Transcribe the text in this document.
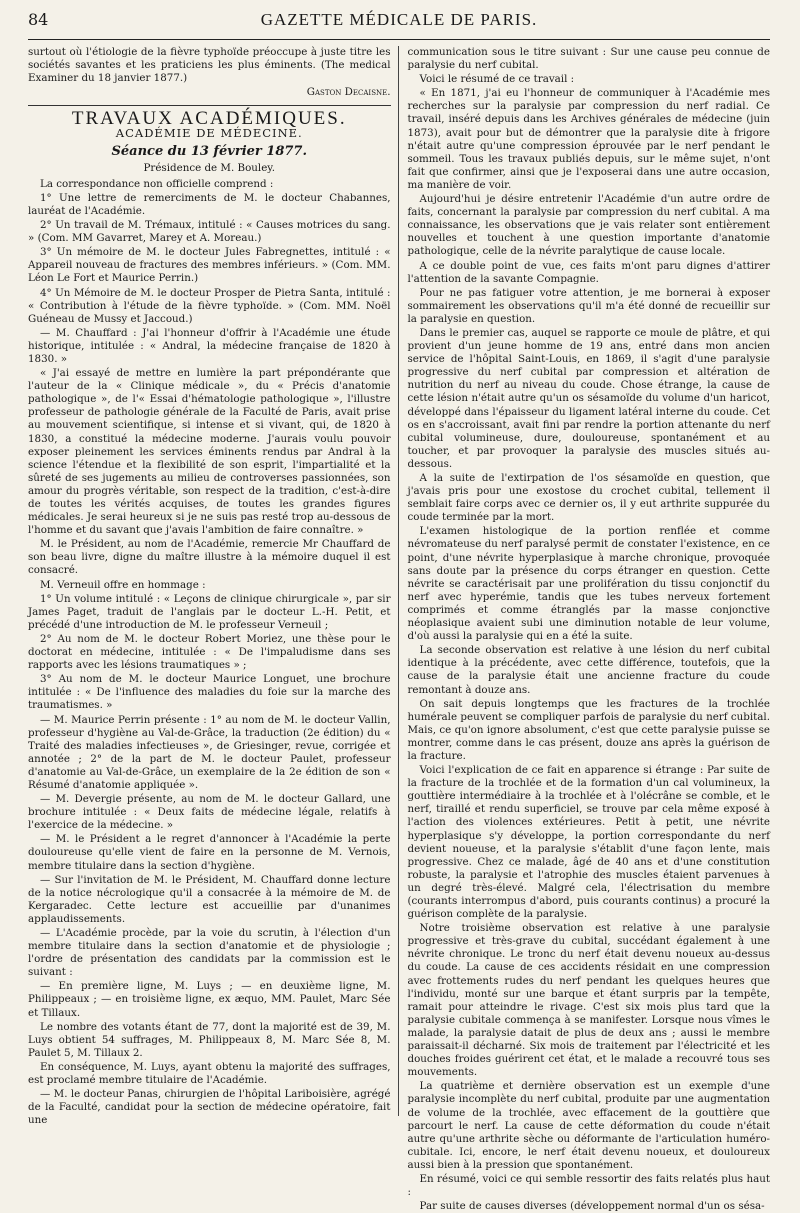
84	GAZETTE MÉDICALE DE PARIS.

surtout où l'étiologie de la fièvre typhoïde préoccupe à juste titre les sociétés savantes et les praticiens les plus éminents. (The medical Examiner du 18 janvier 1877.)

Gaston Decaisne.
TRAVAUX ACADÉMIQUES.
ACADÉMIE DE MÉDECINE.
Séance du 13 février 1877.
Présidence de M. Bouley.

La correspondance non officielle comprend :

1° Une lettre de remerciments de M. le docteur Chabannes, lauréat de l'Académie.

2° Un travail de M. Trémaux, intitulé : « Causes motrices du sang. » (Com. MM Gavarret, Marey et A. Moreau.)

3° Un mémoire de M. le docteur Jules Fabregnettes, intitulé : « Appareil nouveau de fractures des membres inférieurs. » (Com. MM. Léon Le Fort et Maurice Perrin.)

4° Un Mémoire de M. le docteur Prosper de Pietra Santa, intitulé : « Contribution à l'étude de la fièvre typhoïde. » (Com. MM. Noël Guéneau de Mussy et Jaccoud.)

— M. Chauffard : J'ai l'honneur d'offrir à l'Académie une étude historique, intitulée : « Andral, la médecine française de 1820 à 1830. »

« J'ai essayé de mettre en lumière la part prépondérante que l'auteur de la « Clinique médicale », du « Précis d'anatomie pathologique », de l'« Essai d'hématologie pathologique », l'illustre professeur de pathologie générale de la Faculté de Paris, avait prise au mouvement scientifique, si intense et si vivant, qui, de 1820 à 1830, a constitué la médecine moderne. J'aurais voulu pouvoir exposer pleinement les services éminents rendus par Andral à la science l'étendue et la flexibilité de son esprit, l'impartialité et la sûreté de ses jugements au milieu de controverses passionnées, son amour du progrès véritable, son respect de la tradition, c'est-à-dire de toutes les vérités acquises, de toutes les grandes figures médicales. Je serai heureux si je ne suis pas resté trop au-dessous de l'homme et du savant que j'avais l'ambition de faire connaître. »

M. le Président, au nom de l'Académie, remercie Mr Chauffard de son beau livre, digne du maître illustre à la mémoire duquel il est consacré.

M. Verneuil offre en hommage :

1° Un volume intitulé : « Leçons de clinique chirurgicale », par sir James Paget, traduit de l'anglais par le docteur L.-H. Petit, et précédé d'une introduction de M. le professeur Verneuil ;

2° Au nom de M. le docteur Robert Moriez, une thèse pour le doctorat en médecine, intitulée : « De l'impaludisme dans ses rapports avec les lésions traumatiques » ;

3° Au nom de M. le docteur Maurice Longuet, une brochure intitulée : « De l'influence des maladies du foie sur la marche des traumatismes. »

— M. Maurice Perrin présente : 1° au nom de M. le docteur Vallin, professeur d'hygiène au Val-de-Grâce, la traduction (2e édition) du « Traité des maladies infectieuses », de Griesinger, revue, corrigée et annotée ; 2° de la part de M. le docteur Paulet, professeur d'anatomie au Val-de-Grâce, un exemplaire de la 2e édition de son « Résumé d'anatomie appliquée ».

— M. Devergie présente, au nom de M. le docteur Gallard, une brochure intitulée : « Deux faits de médecine légale, relatifs à l'exercice de la médecine. »

— M. le Président a le regret d'annoncer à l'Académie la perte douloureuse qu'elle vient de faire en la personne de M. Vernois, membre titulaire dans la section d'hygiène.

— Sur l'invitation de M. le Président, M. Chauffard donne lecture de la notice nécrologique qu'il a consacrée à la mémoire de M. de Kergaradec. Cette lecture est accueillie par d'unanimes applaudissements.

— L'Académie procède, par la voie du scrutin, à l'élection d'un membre titulaire dans la section d'anatomie et de physiologie ; l'ordre de présentation des candidats par la commission est le suivant :

— En première ligne, M. Luys ; — en deuxième ligne, M. Philippeaux ; — en troisième ligne, ex æquo, MM. Paulet, Marc Sée et Tillaux.

Le nombre des votants étant de 77, dont la majorité est de 39, M. Luys obtient 54 suffrages, M. Philippeaux 8, M. Marc Sée 8, M. Paulet 5, M. Tillaux 2.

En conséquence, M. Luys, ayant obtenu la majorité des suffrages, est proclamé membre titulaire de l'Académie.

— M. le docteur Panas, chirurgien de l'hôpital Lariboisière, agrégé de la Faculté, candidat pour la section de médecine opératoire, fait une

communication sous le titre suivant : Sur une cause peu connue de paralysie du nerf cubital.

Voici le résumé de ce travail :

« En 1871, j'ai eu l'honneur de communiquer à l'Académie mes recherches sur la paralysie par compression du nerf radial. Ce travail, inséré depuis dans les Archives générales de médecine (juin 1873), avait pour but de démontrer que la paralysie dite à frigore n'était autre qu'une compression éprouvée par le nerf pendant le sommeil. Tous les travaux publiés depuis, sur le même sujet, n'ont fait que confirmer, ainsi que je l'exposerai dans une autre occasion, ma manière de voir.

Aujourd'hui je désire entretenir l'Académie d'un autre ordre de faits, concernant la paralysie par compression du nerf cubital. A ma connaissance, les observations que je vais relater sont entièrement nouvelles et touchent à une question importante d'anatomie pathologique, celle de la névrite paralytique de cause locale.

A ce double point de vue, ces faits m'ont paru dignes d'attirer l'attention de la savante Compagnie.

Pour ne pas fatiguer votre attention, je me bornerai à exposer sommairement les observations qu'il m'a été donné de recueillir sur la paralysie en question.

Dans le premier cas, auquel se rapporte ce moule de plâtre, et qui provient d'un jeune homme de 19 ans, entré dans mon ancien service de l'hôpital Saint-Louis, en 1869, il s'agit d'une paralysie progressive du nerf cubital par compression et altération de nutrition du nerf au niveau du coude. Chose étrange, la cause de cette lésion n'était autre qu'un os sésamoïde du volume d'un haricot, développé dans l'épaisseur du ligament latéral interne du coude. Cet os en s'accroissant, avait fini par rendre la portion attenante du nerf cubital volumineuse, dure, douloureuse, spontanément et au toucher, et par provoquer la paralysie des muscles situés au-dessous.

A la suite de l'extirpation de l'os sésamoïde en question, que j'avais pris pour une exostose du crochet cubital, tellement il semblait faire corps avec ce dernier os, il y eut arthrite suppurée du coude terminée par la mort.

L'examen histologique de la portion renflée et comme névromateuse du nerf paralysé permit de constater l'existence, en ce point, d'une névrite hyperplasique à marche chronique, provoquée sans doute par la présence du corps étranger en question. Cette névrite se caractérisait par une prolifération du tissu conjonctif du nerf avec hyperémie, tandis que les tubes nerveux fortement comprimés et comme étranglés par la masse conjonctive néoplasique avaient subi une diminution notable de leur volume, d'où aussi la paralysie qui en a été la suite.

La seconde observation est relative à une lésion du nerf cubital identique à la précédente, avec cette différence, toutefois, que la cause de la paralysie était une ancienne fracture du coude remontant à douze ans.

On sait depuis longtemps que les fractures de la trochlée humérale peuvent se compliquer parfois de paralysie du nerf cubital. Mais, ce qu'on ignore absolument, c'est que cette paralysie puisse se montrer, comme dans le cas présent, douze ans après la guérison de la fracture.

Voici l'explication de ce fait en apparence si étrange : Par suite de la fracture de la trochlée et de la formation d'un cal volumineux, la gouttière intermédiaire à la trochlée et à l'olécrâne se comble, et le nerf, tiraillé et rendu superficiel, se trouve par cela même exposé à l'action des violences extérieures. Petit à petit, une névrite hyperplasique s'y développe, la portion correspondante du nerf devient noueuse, et la paralysie s'établit d'une façon lente, mais progressive. Chez ce malade, âgé de 40 ans et d'une constitution robuste, la paralysie et l'atrophie des muscles étaient parvenues à un degré très-élevé. Malgré cela, l'électrisation du membre (courants interrompus d'abord, puis courants continus) a procuré la guérison complète de la paralysie.

Notre troisième observation est relative à une paralysie progressive et très-grave du cubital, succédant également à une névrite chronique. Le tronc du nerf était devenu noueux au-dessus du coude. La cause de ces accidents résidait en une compression avec frottements rudes du nerf pendant les quelques heures que l'individu, monté sur une barque et étant surpris par la tempête, ramait pour atteindre le rivage. C'est six mois plus tard que la paralysie cubitale commença à se manifester. Lorsque nous vîmes le malade, la paralysie datait de plus de deux ans ; aussi le membre paraissait-il décharné. Six mois de traitement par l'électricité et les douches froides guérirent cet état, et le malade a recouvré tous ses mouvements.

La quatrième et dernière observation est un exemple d'une paralysie incomplète du nerf cubital, produite par une augmentation de volume de la trochlée, avec effacement de la gouttière que parcourt le nerf. La cause de cette déformation du coude n'était autre qu'une arthrite sèche ou déformante de l'articulation huméro-cubitale. Ici, encore, le nerf était devenu noueux, et douloureux aussi bien à la pression que spontanément.

En résumé, voici ce qui semble ressortir des faits relatés plus haut :

Par suite de causes diverses (développement normal d'un os sésa-
